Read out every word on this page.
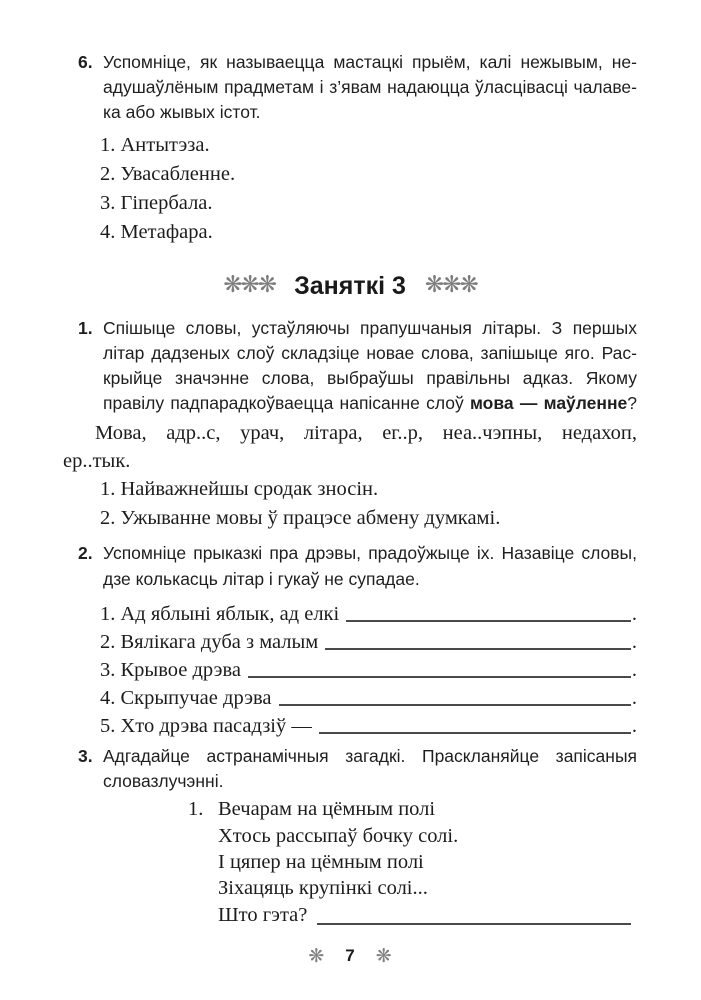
6. Успомніце, як называецца мастацкі прыём, калі нежывым, не-
адушаўлёным прадметам і з’явам надаюцца ўласцівасці чалаве-
ка або жывых істот.
1. Антытэза.
2. Увасабленне.
3. Гіпербала.
4. Метафара.
❋❋❋ Заняткі 3 ❋❋❋
1. Спішыце словы, устаўляючы прапушчаныя літары. З першых
літар дадзеных слоў складзіце новае слова, запішыце яго. Рас-
крыйце значэнне слова, выбраўшы правільны адказ. Якому
правілу падпарадкоўваецца напісанне слоў мова — маўленне?
Мова, адр..с, урач, літара, ег..р, неа..чэпны, недахоп,
ер..тык.
1. Найважнейшы сродак зносін.
2. Ужыванне мовы ў працэсе абмену думкамі.
2. Успомніце прыказкі пра дрэвы, прадоўжыце іх. Назавіце словы,
дзе колькасць літар і гукаў не супадае.
1. Ад яблыні яблык, ад елкі	.
2. Вялікага дуба з малым	.
3. Крывое дрэва	.
4. Скрыпучае дрэва	.
5. Хто дрэва пасадзіў —	.
3. Адгадайце астранамічныя загадкі. Праскланяйце запісаныя
словазлучэнні.
1. Вечарам на цёмным полі
Хтось рассыпаў бочку солі.
І цяпер на цёмным полі
Зіхацяць крупінкі солі...
Што гэта?
❋ 7 ❋
